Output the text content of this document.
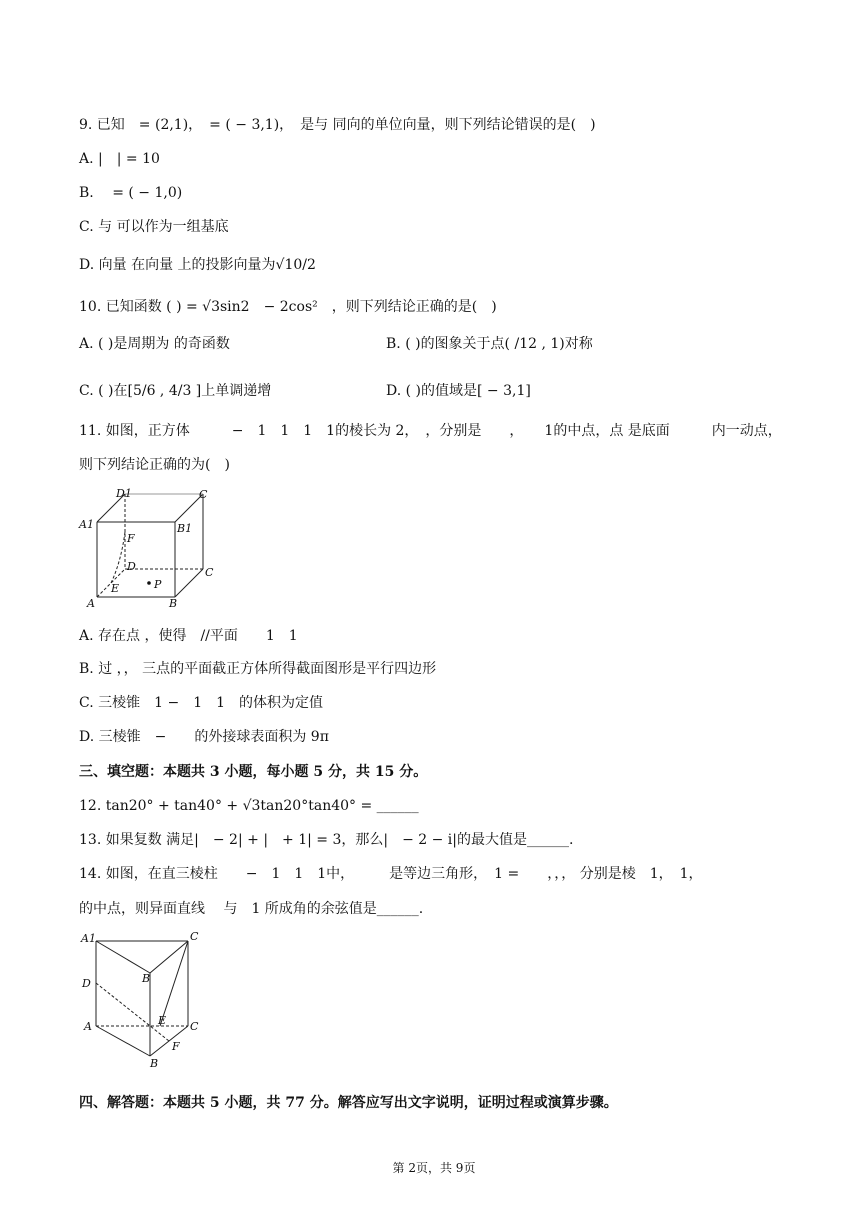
9. 已知　= (2,1)，　= ( − 3,1)，　是与 同向的单位向量，则下列结论错误的是(　)
A. |　| = 10
B. 　= ( − 1,0)
C. 与 可以作为一组基底
D. 向量 在向量 上的投影向量为√10/2
10. 已知函数 ( ) = √3sin2　− 2cos²　，则下列结论正确的是(　)
A. ( )是周期为 的奇函数	B. ( )的图象关于点( /12 , 1)对称
C. ( )在[5/6 , 4/3 ]上单调递增	D. ( )的值域是[ − 3,1]
11. 如图，正方体　　　−　1　1　1　1的棱长为 2，　，分别是　　，　　1的中点，点 是底面　　　内一动点，
则下列结论正确的为(　)
D1	C
A1	B1
F
D	C
P
A
E
B
A. 存在点 ，使得　//平面　　1　1
B. 过 ，， 三点的平面截正方体所得截面图形是平行四边形
C. 三棱锥　1 −　1　1　的体积为定值
D. 三棱锥　−　　的外接球表面积为 9π
三、填空题：本题共 3 小题，每小题 5 分，共 15 分。
12. tan20° + tan40° + √3tan20°tan40° = ______
13. 如果复数 满足|　− 2| + |　+ 1| = 3，那么|　− 2 − i|的最大值是______.
14. 如图，在直三棱柱　　−　1　1　1中，　　　是等边三角形，　1 =　　，，， 分别是棱　1，　1，
的中点，则异面直线　 与　1 所成角的余弦值是______.
A1	C
B
D
A	E C
F
B
四、解答题：本题共 5 小题，共 77 分。解答应写出文字说明，证明过程或演算步骤。
第 2页，共 9页
